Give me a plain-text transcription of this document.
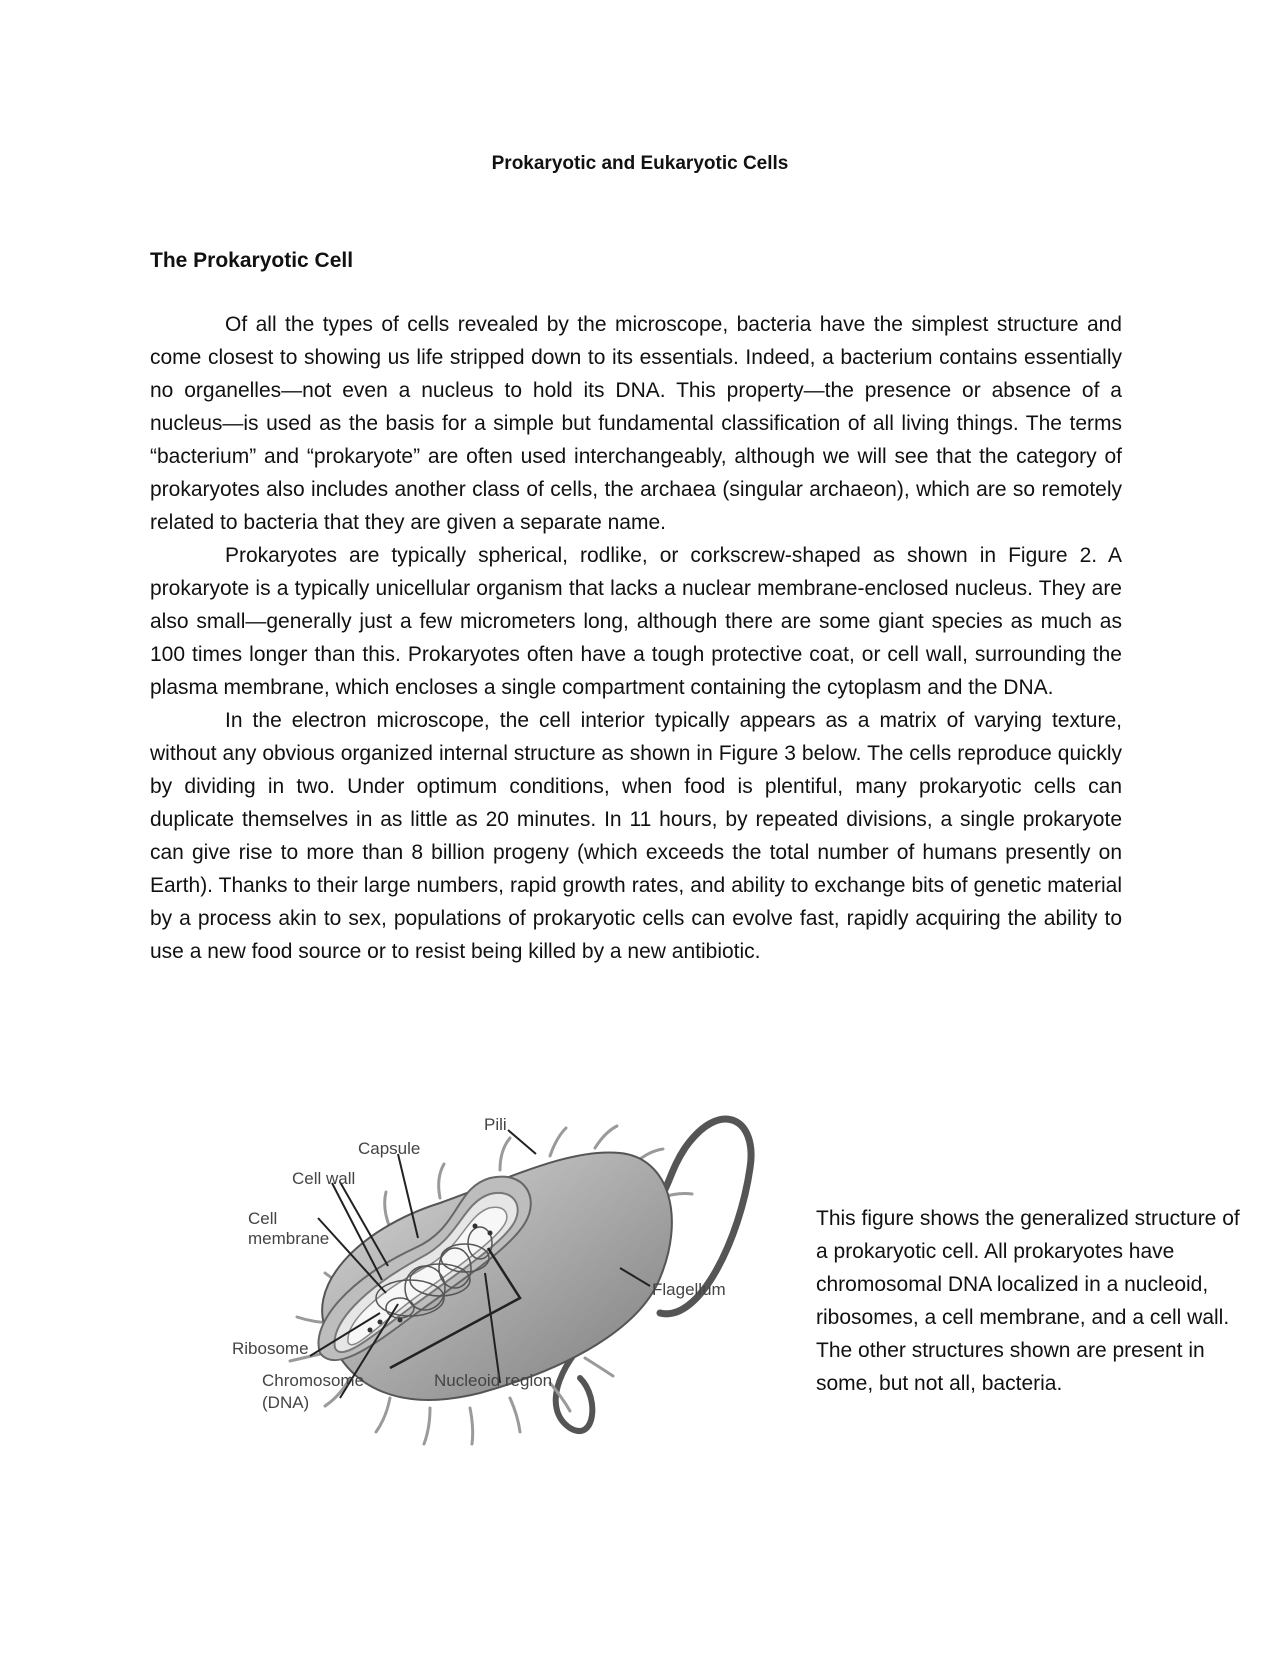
Prokaryotic and Eukaryotic Cells
The Prokaryotic Cell

Of all the types of cells revealed by the microscope, bacteria have the simplest structure and come closest to showing us life stripped down to its essentials. Indeed, a bacterium contains essentially no organelles—not even a nucleus to hold its DNA. This property—the presence or absence of a nucleus—is used as the basis for a simple but fundamental classification of all living things. The terms “bacterium” and “prokaryote” are often used interchangeably, although we will see that the category of prokaryotes also includes another class of cells, the archaea (singular archaeon), which are so remotely related to bacteria that they are given a separate name.

Prokaryotes are typically spherical, rodlike, or corkscrew-shaped as shown in Figure 2. A prokaryote is a typically unicellular organism that lacks a nuclear membrane-enclosed nucleus. They are also small—generally just a few micrometers long, although there are some giant species as much as 100 times longer than this. Prokaryotes often have a tough protective coat, or cell wall, surrounding the plasma membrane, which encloses a single compartment containing the cytoplasm and the DNA.

In the electron microscope, the cell interior typically appears as a matrix of varying texture, without any obvious organized internal structure as shown in Figure 3 below. The cells reproduce quickly by dividing in two. Under optimum conditions, when food is plentiful, many prokaryotic cells can duplicate themselves in as little as 20 minutes. In 11 hours, by repeated divisions, a single prokaryote can give rise to more than 8 billion progeny (which exceeds the total number of humans presently on Earth). Thanks to their large numbers, rapid growth rates, and ability to exchange bits of genetic material by a process akin to sex, populations of prokaryotic cells can evolve fast, rapidly acquiring the ability to use a new food source or to resist being killed by a new antibiotic.

Pili
Capsule
Cell wall
Cell
membrane
Flagellum
Ribosome
Chromosome
(DNA)
Nucleoid region
This figure shows the generalized structure of a prokaryotic cell. All prokaryotes have chromosomal DNA localized in a nucleoid, ribosomes, a cell membrane, and a cell wall. The other structures shown are present in some, but not all, bacteria.
